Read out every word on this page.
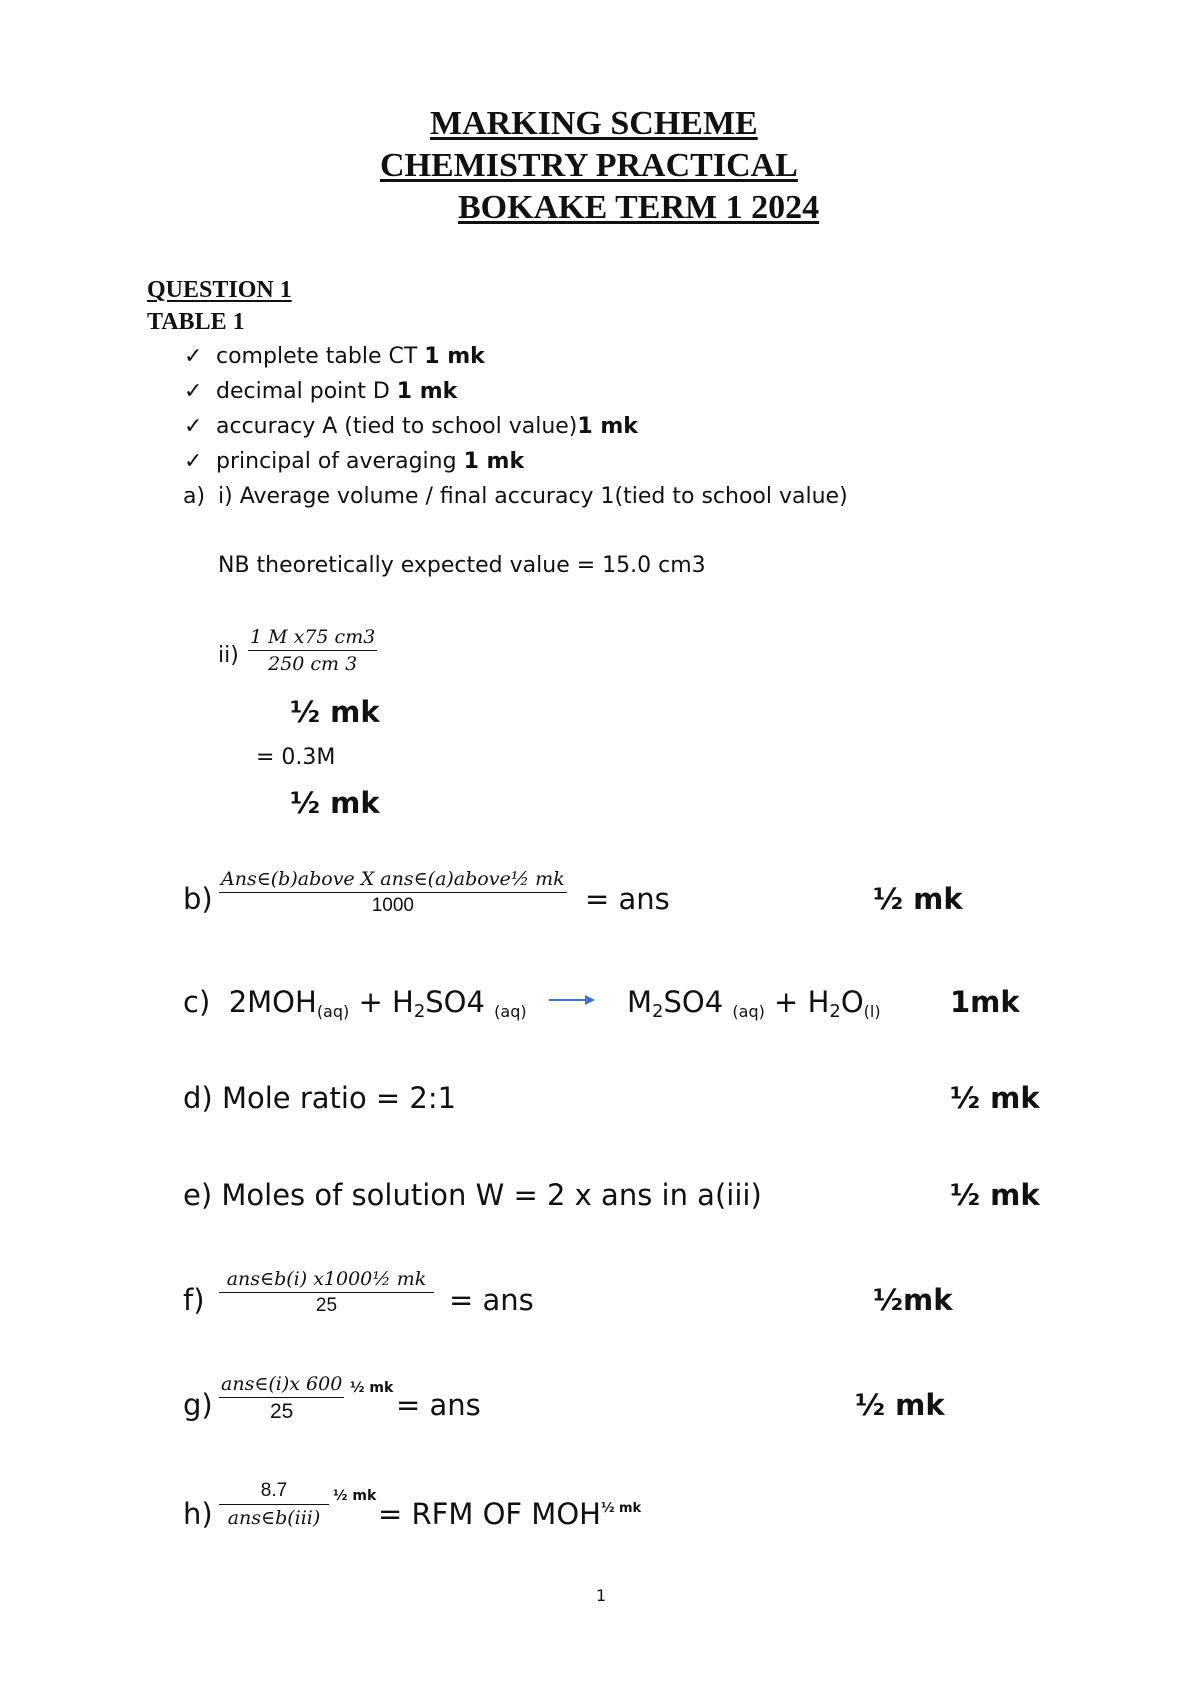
MARKING SCHEME
CHEMISTRY PRACTICAL
BOKAKE TERM 1 2024
QUESTION 1
TABLE 1
✓ complete table CT 1 mk
✓ decimal point D 1 mk
✓ accuracy A (tied to school value)1 mk
✓ principal of averaging 1 mk
a) i) Average volume / final accuracy 1(tied to school value)
NB theoretically expected value = 15.0 cm3
$ii) \frac{\text{1 M x75 cm3}}{250 cm 3}$
½ mk
= 0.3M
½ mk
$b) \frac{\text{Ans∈(b)above X ans∈(a)above½ mk}}{1000}$ = ans	½ mk
c) $2MOH_{(aq)} + H_2SO4$ $_{(aq)}$	$M_2SO4$ $_{(aq)} + H_2O_{(l)}$ 1mk
d) Mole ratio = 2:1	½ mk
e) Moles of solution W = 2 x ans in a(iii)	½ mk
$f) \frac{\text{ans∈b(i) x1000½ mk}}{25}$ = ans	½mk
$g) \frac{\text{ans∈(i)x 600}}{25}$ ½ mk = ans	½ mk
$h) \frac{8.7}{\text{ans∈b(iii)}}$ ½ mk
= RFM OF $MOH^{\frac{1}{2} mk}$
1
